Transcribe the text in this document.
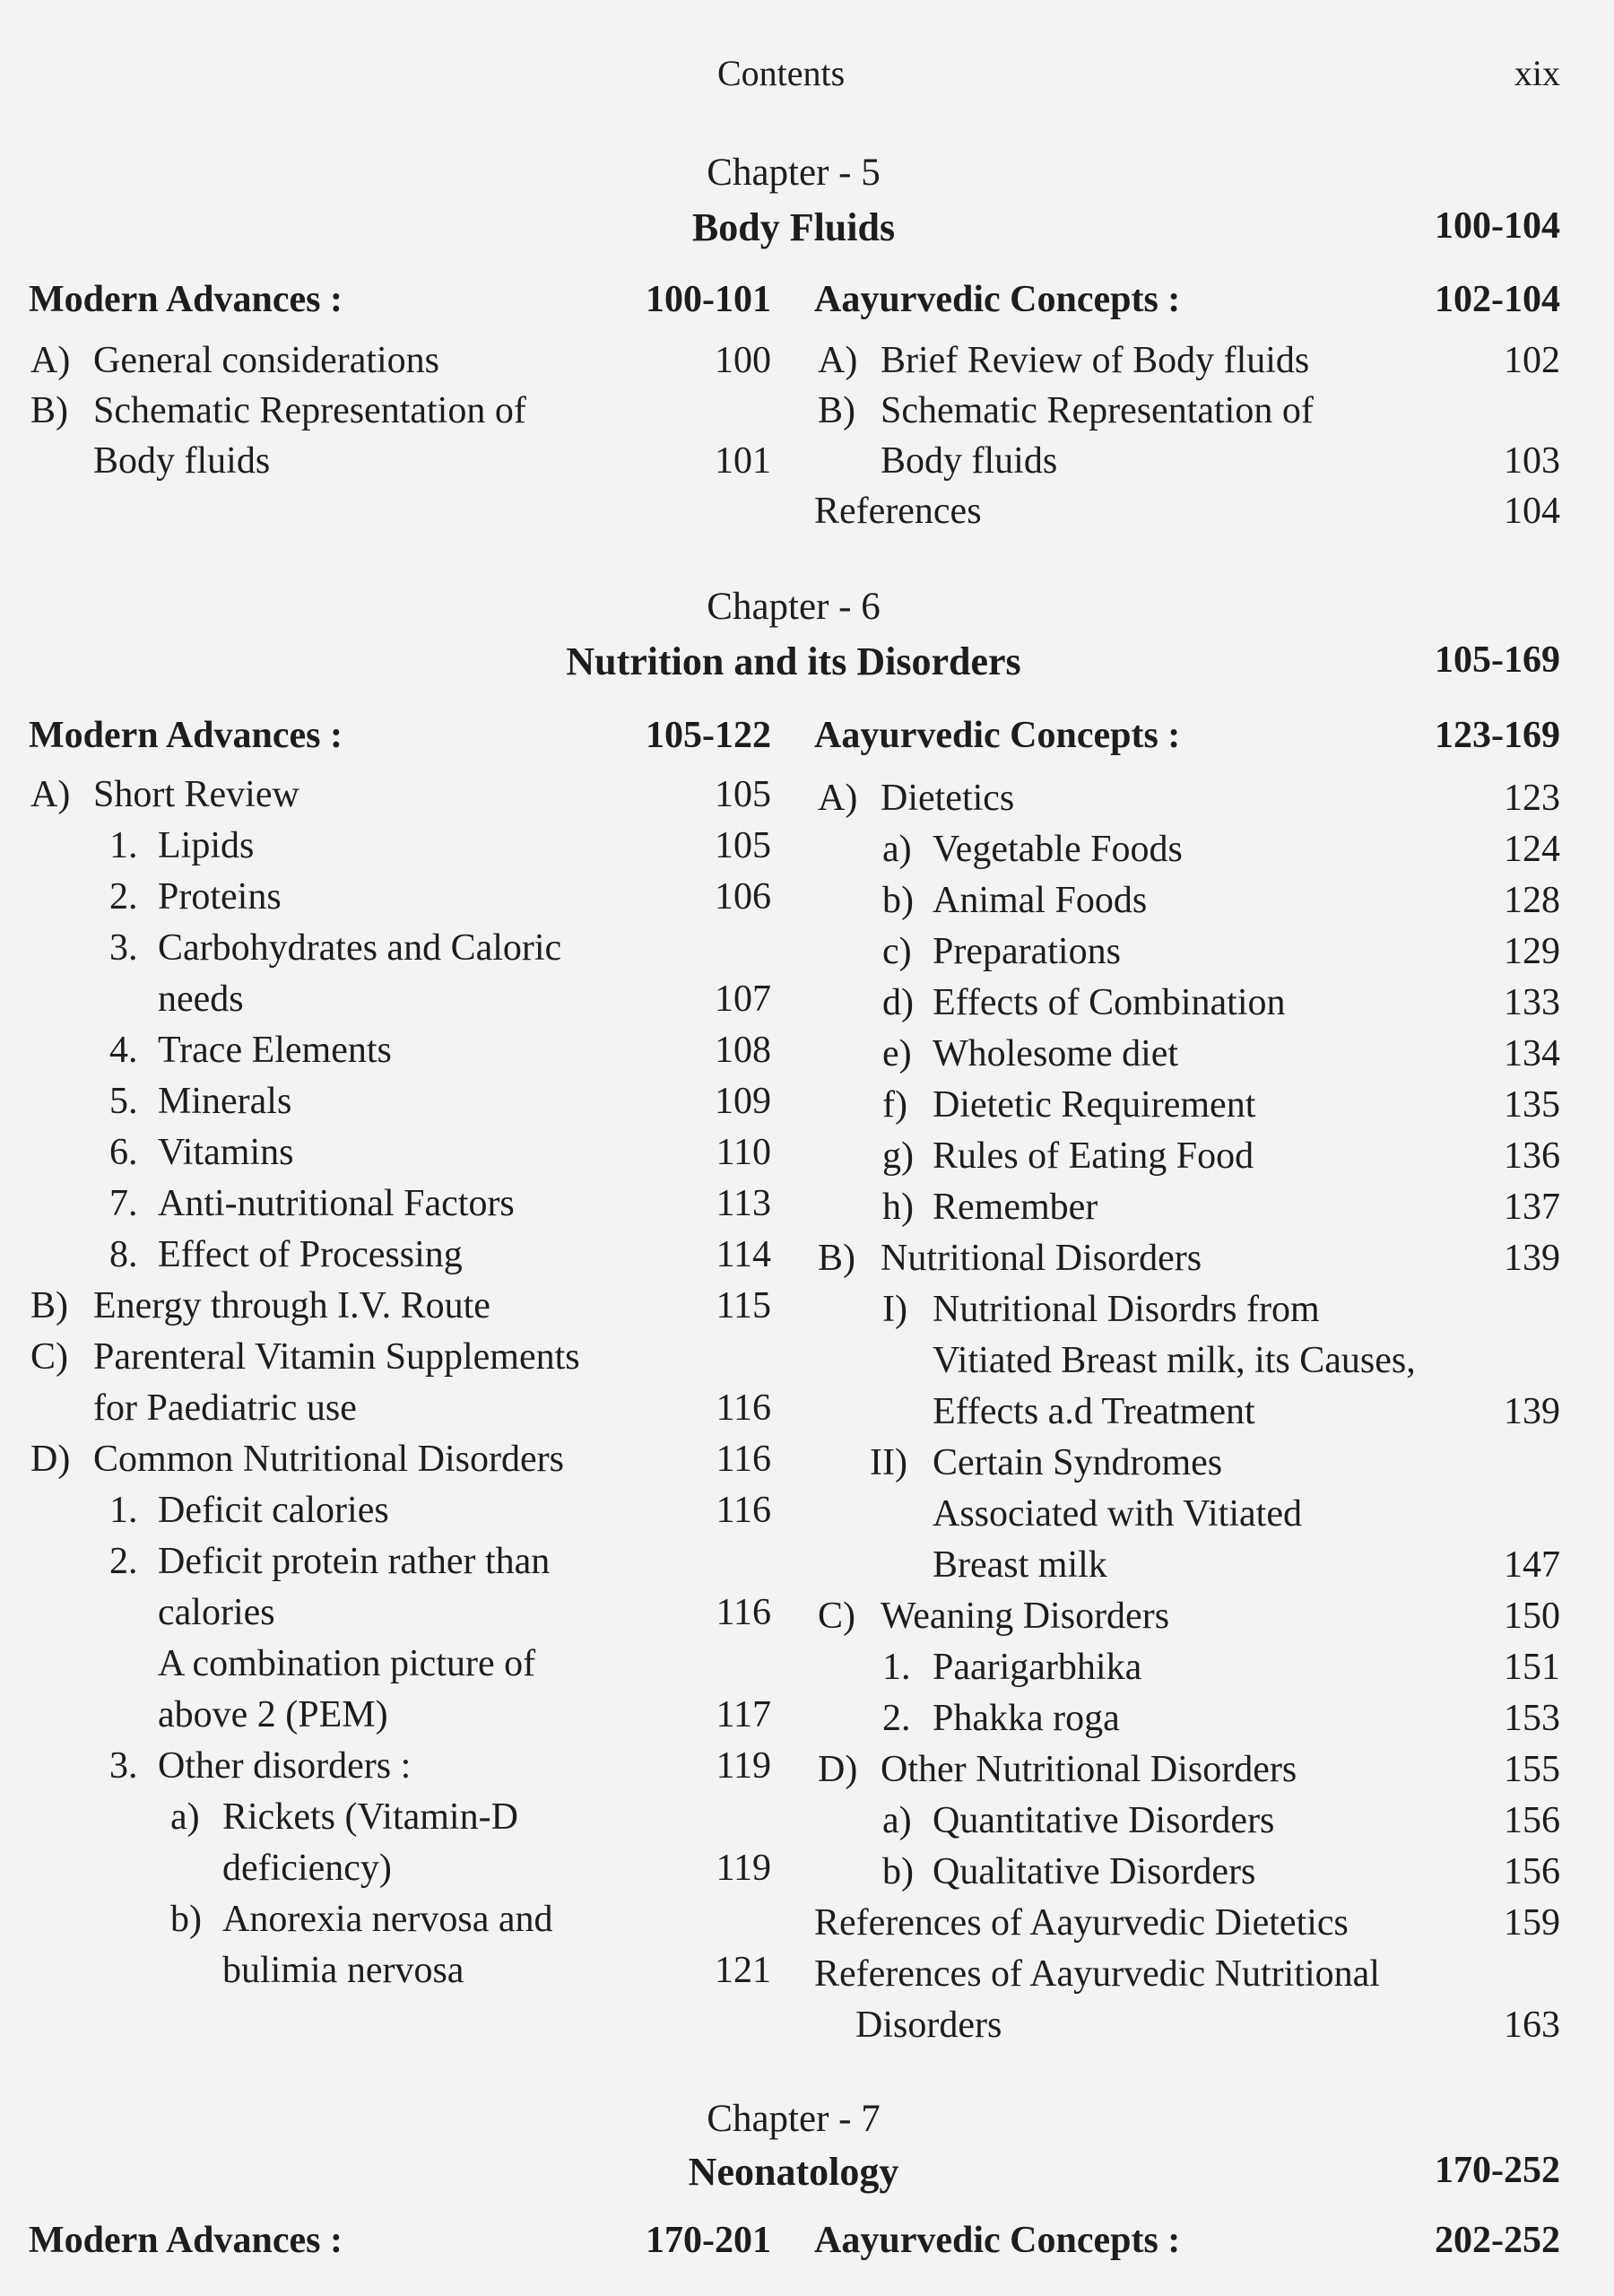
Contents	xix
Chapter - 5
Body Fluids	100-104
Modern Advances :	100-101 Aayurvedic Concepts :	102-104
A) General considerations	100
B) Schematic Representation of
Body fluids	101
A) Brief Review of Body fluids	102
B) Schematic Representation of
Body fluids	103
References	104
Chapter - 6
Nutrition and its Disorders	105-169
Modern Advances :	105-122 Aayurvedic Concepts :	123-169
A) Short Review	105
1. Lipids	105
2. Proteins	106
3. Carbohydrates and Caloric
needs	107
4. Trace Elements	108
5. Minerals	109
6. Vitamins	110
7. Anti-nutritional Factors	113
8. Effect of Processing	114
B) Energy through I.V. Route	115
C) Parenteral Vitamin Supplements
for Paediatric use	116
D) Common Nutritional Disorders	116
1. Deficit calories	116
2. Deficit protein rather than
calories	116
A combination picture of
above 2 (PEM)	117
3. Other disorders :	119
a) Rickets (Vitamin-D
deficiency)	119
b) Anorexia nervosa and
bulimia nervosa	121
A) Dietetics	123
a) Vegetable Foods	124
b) Animal Foods	128
c) Preparations	129
d) Effects of Combination	133
e) Wholesome diet	134
f) Dietetic Requirement	135
g) Rules of Eating Food	136
h) Remember	137
B) Nutritional Disorders	139
I) Nutritional Disordrs from
Vitiated Breast milk, its Causes,
Effects a.d Treatment	139
II) Certain Syndromes
Associated with Vitiated
Breast milk	147
C) Weaning Disorders	150
1. Paarigarbhika	151
2. Phakka roga	153
D) Other Nutritional Disorders	155
a) Quantitative Disorders	156
b) Qualitative Disorders	156
References of Aayurvedic Dietetics	159
References of Aayurvedic Nutritional
Disorders	163
Chapter - 7
Neonatology	170-252
Modern Advances :	170-201 Aayurvedic Concepts :	202-252
